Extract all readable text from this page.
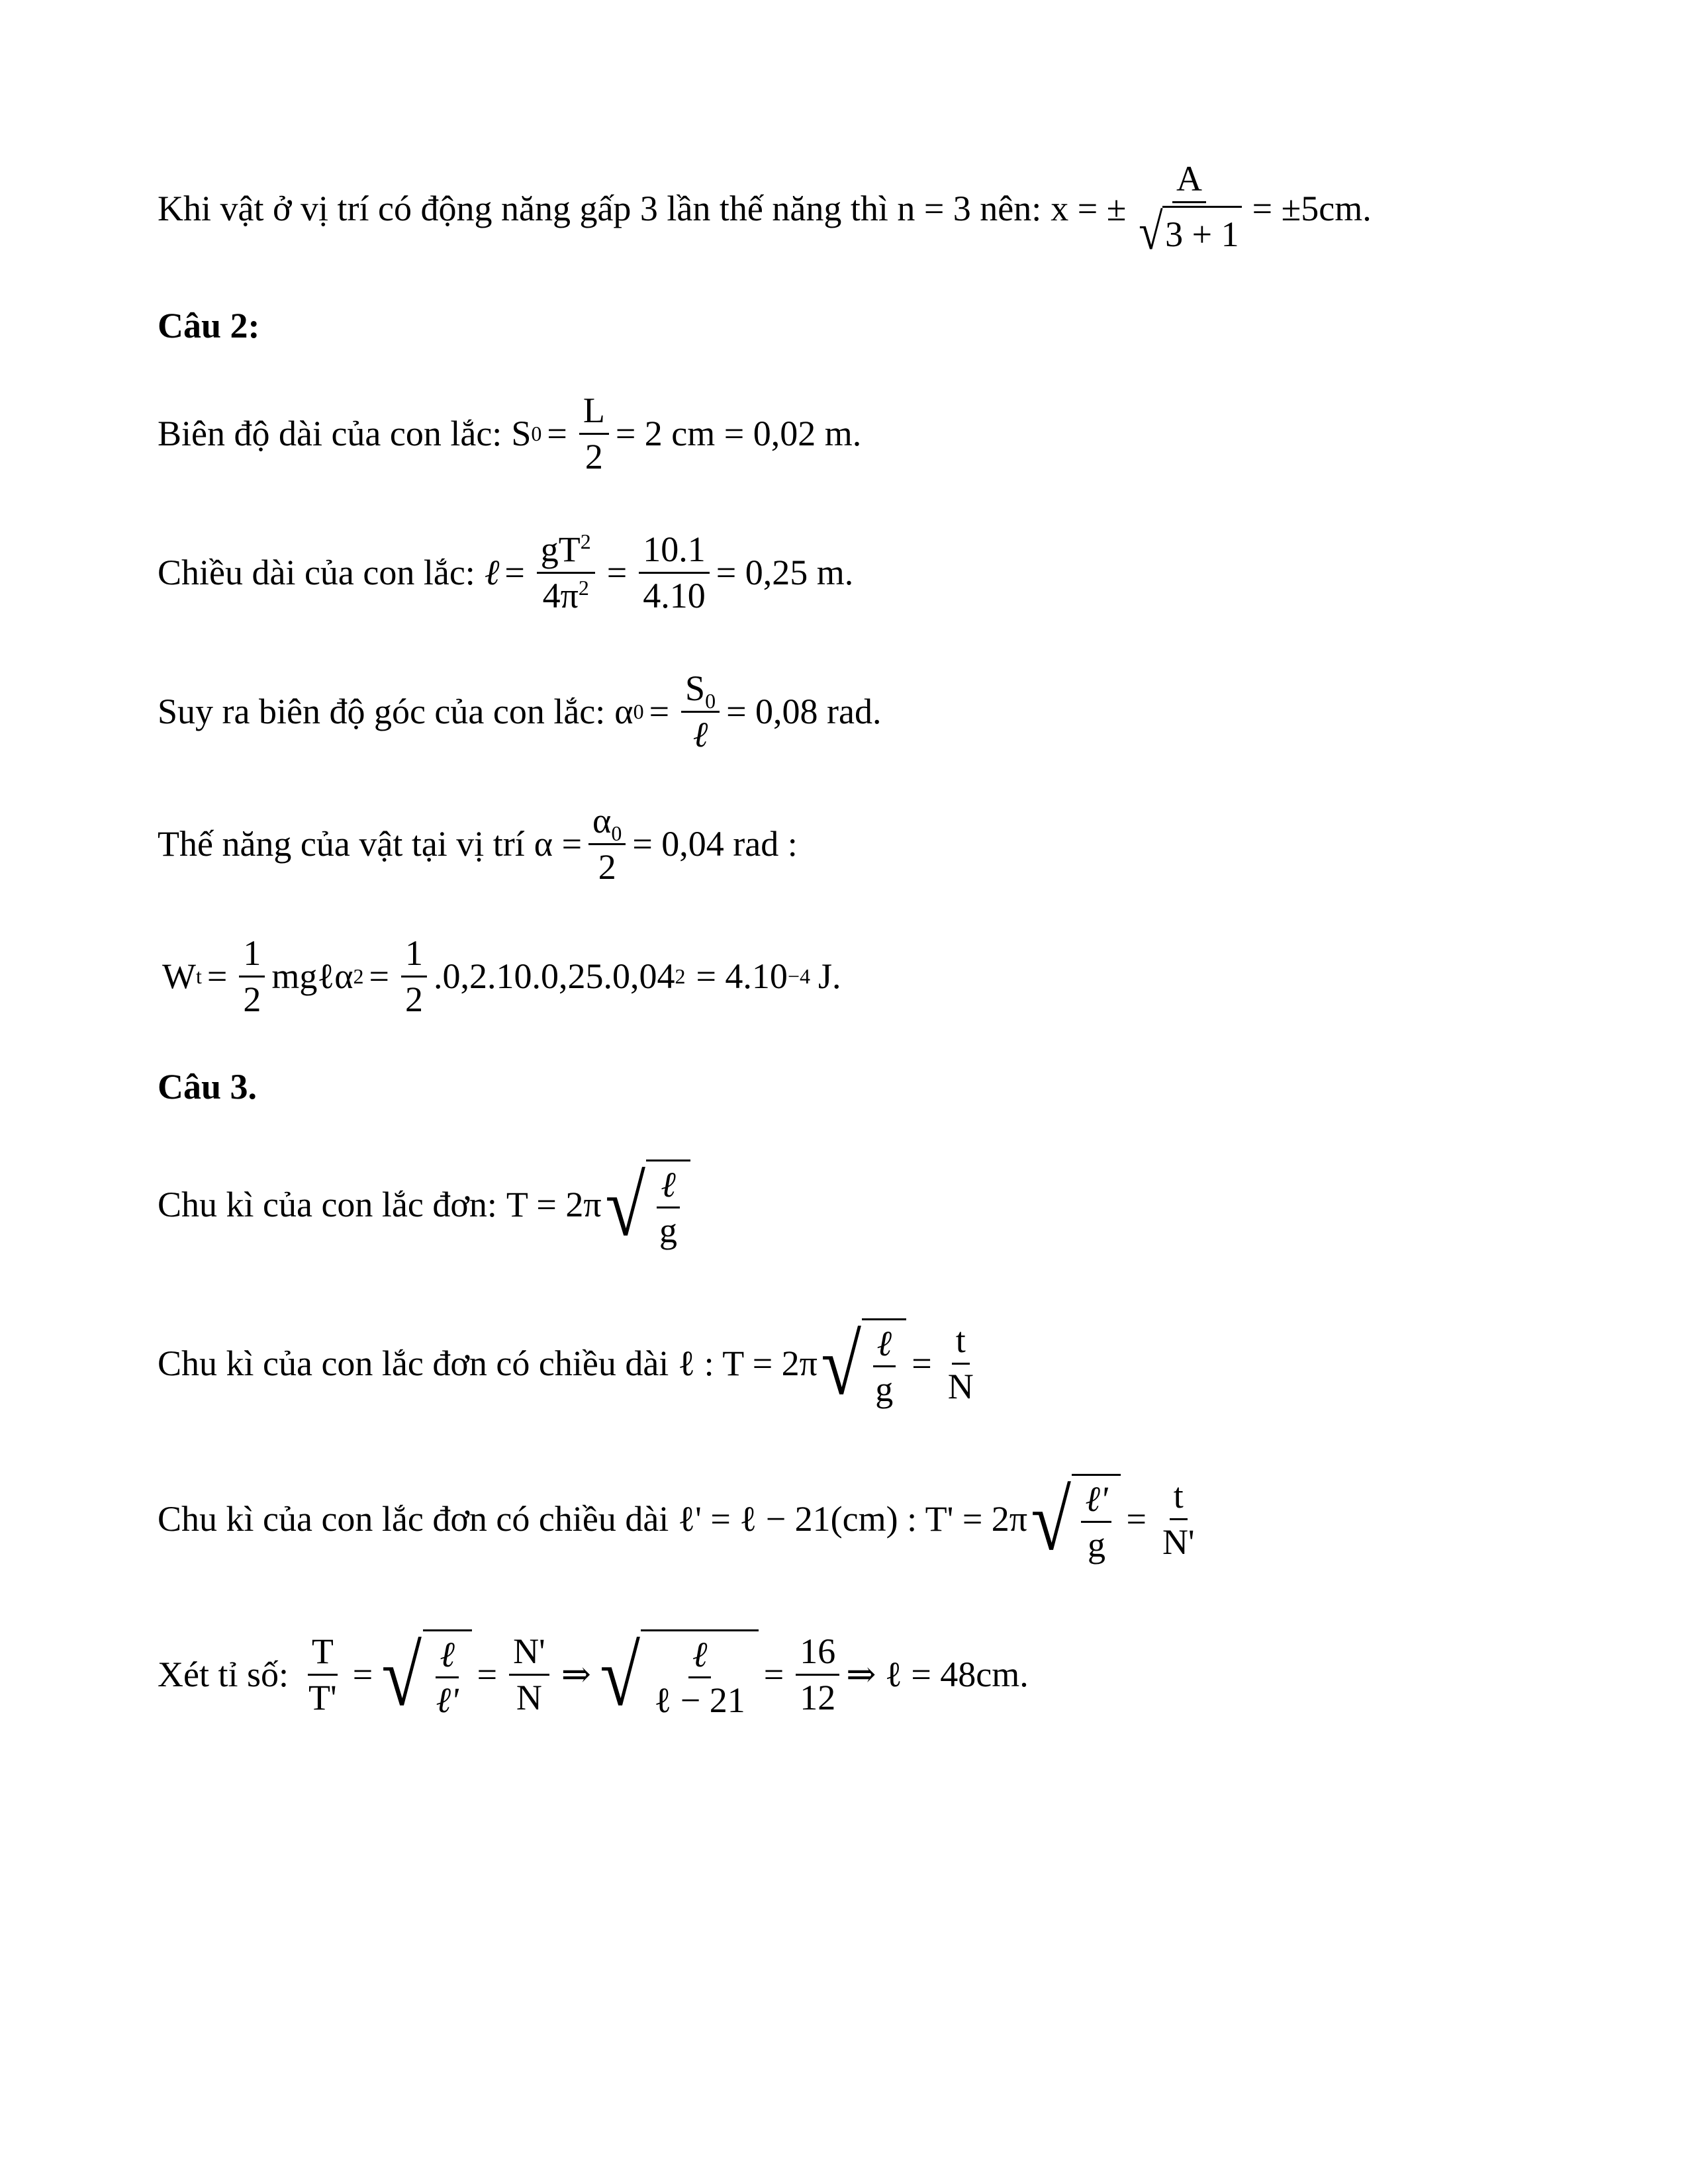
Khi vật ở vị trí có động năng gấp 3 lần thế năng thì n = 3 nên: x = ± $\frac{A}{√ 3 + 1} = \pm 5cm$.
Câu 2:
Biên độ dài của con lắc: S $0 = \frac{L}{2} = 2$ cm = 0,02 m.
Chiều dài của con lắc: ℓ = $\frac{gT^2}{4\pi^2} = \frac{10.1}{4.10} = 0,25$ m.
Suy ra biên độ góc của con lắc: α $0 = \frac{S_0}{\text{ℓ}} = 0,08$ rad.
Thế năng của vật tại vị trí $\alpha = \frac{\alpha_0}{2} = 0,04$ rad :
W $t = \frac{1}{2}$ mgℓα $2 = \frac{1}{2} .0,2.10.0,25.0,04$ 2 = 4.10 −4 J.
Câu 3.
Chu kì của con lắc đơn: T = 2π √ $\frac{\text{ℓ}}{g}$
Chu kì của con lắc đơn có chiều dài ℓ : T = 2π √ $\frac{\text{ℓ}}{g} = \frac{t}{N}$
Chu kì của con lắc đơn có chiều dài ℓ' = ℓ − 21(cm) : T' = 2π √ $\frac{\text{ℓ'}}{g} = \frac{t}{N'}$
Xét tỉ số: $\frac{T}{T'}$ = √ $\frac{\text{ℓ}}{\text{ℓ'}} = \frac{N'}{N}$ ⇒ √ $\frac{\text{ℓ}}{\text{ℓ − 21}} = \frac{16}{12}$ ⇒ ℓ = 48cm.
